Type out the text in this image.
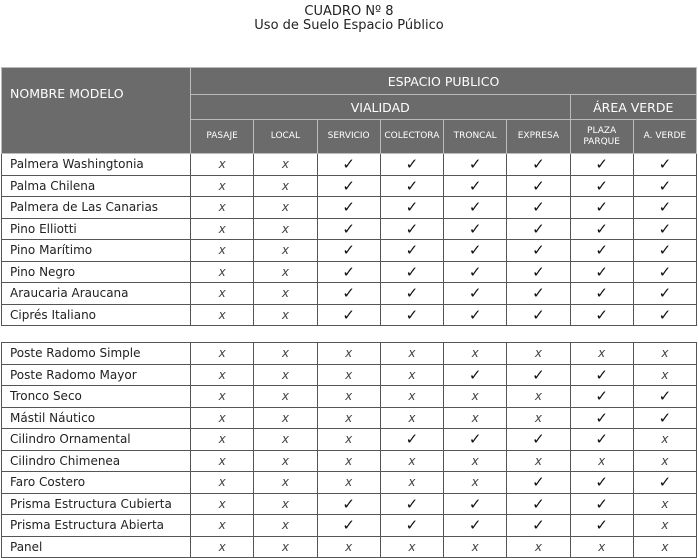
CUADRO Nº 8
Uso de Suelo Espacio Público
NOMBRE MODELO	ESPACIO PUBLICO							
	VIALIDAD						ÁREA VERDE	
	PASAJE	LOCAL	SERVICIO	COLECTORA	TRONCAL	EXPRESA	PLAZA PARQUE	A. VERDE
Palmera Washingtonia	x	x	✓	✓	✓	✓	✓	✓
Palma Chilena	x	x	✓	✓	✓	✓	✓	✓
Palmera de Las Canarias	x	x	✓	✓	✓	✓	✓	✓
Pino Elliotti	x	x	✓	✓	✓	✓	✓	✓
Pino Marítimo	x	x	✓	✓	✓	✓	✓	✓
Pino Negro	x	x	✓	✓	✓	✓	✓	✓
Araucaria Araucana	x	x	✓	✓	✓	✓	✓	✓
Ciprés Italiano	x	x	✓	✓	✓	✓	✓	✓
Poste Radomo Simple	x	x	x	x	x	x	x	x
Poste Radomo Mayor	x	x	x	x	✓	✓	✓	x
Tronco Seco	x	x	x	x	x	x	✓	✓
Mástil Náutico	x	x	x	x	x	x	✓	✓
Cilindro Ornamental	x	x	x	✓	✓	✓	✓	x
Cilindro Chimenea	x	x	x	x	x	x	x	x
Faro Costero	x	x	x	x	x	✓	✓	✓
Prisma Estructura Cubierta	x	x	✓	✓	✓	✓	✓	x
Prisma Estructura Abierta	x	x	✓	✓	✓	✓	✓	x
Panel	x	x	x	x	x	x	x	x
